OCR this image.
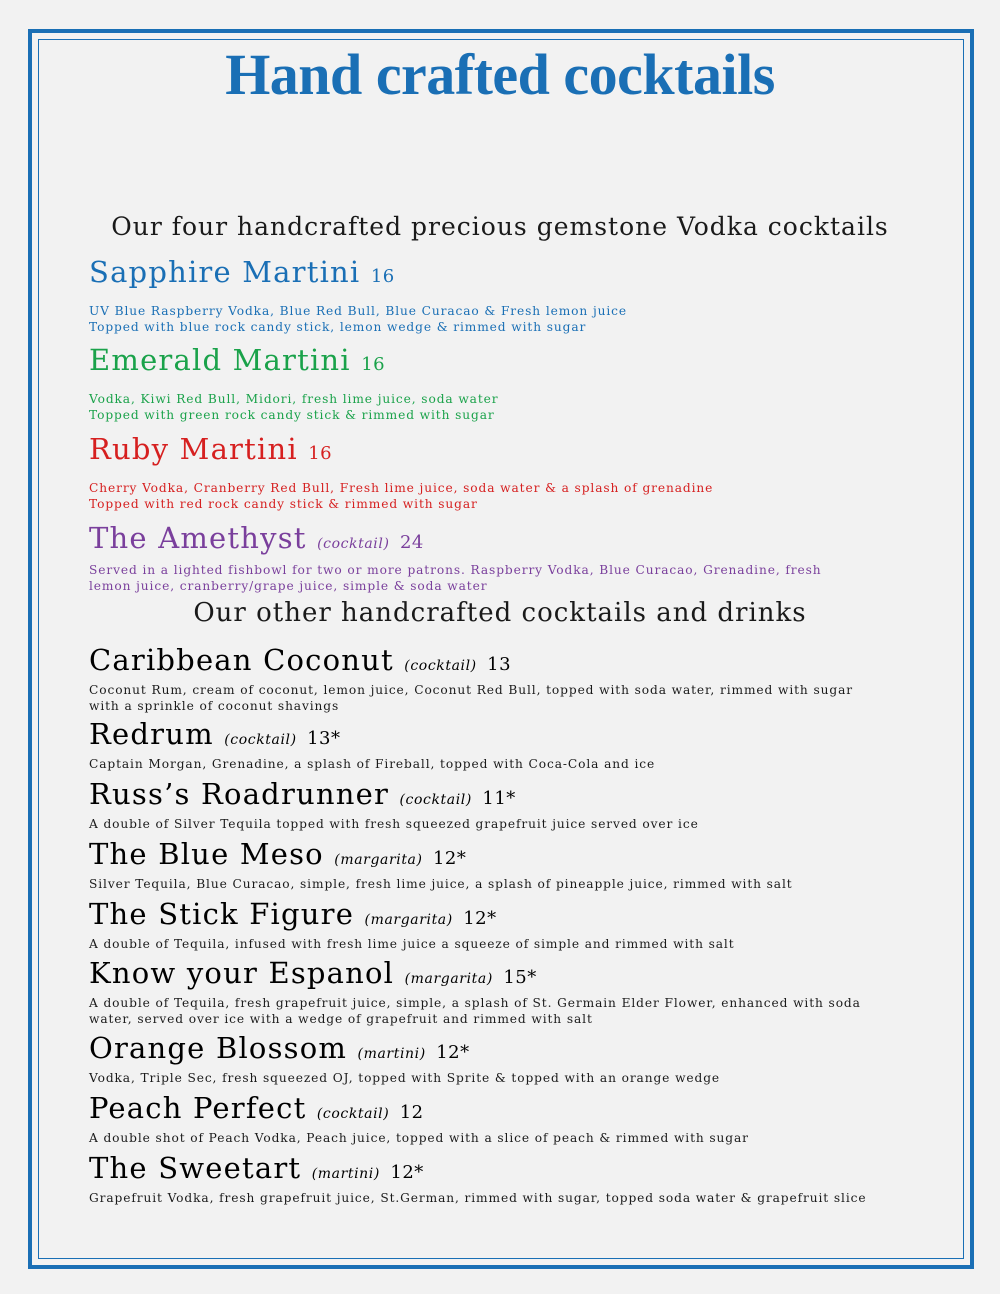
Hand crafted cocktails
Our four handcrafted precious gemstone Vodka cocktails
Sapphire Martini 16
UV Blue Raspberry Vodka, Blue Red Bull, Blue Curacao & Fresh lemon juice
Topped with blue rock candy stick, lemon wedge & rimmed with sugar
Emerald Martini 16
Vodka, Kiwi Red Bull, Midori, fresh lime juice, soda water
Topped with green rock candy stick & rimmed with sugar
Ruby Martini 16
Cherry Vodka, Cranberry Red Bull, Fresh lime juice, soda water & a splash of grenadine
Topped with red rock candy stick & rimmed with sugar
The Amethyst (cocktail) 24
Served in a lighted fishbowl for two or more patrons. Raspberry Vodka, Blue Curacao, Grenadine, fresh
lemon juice, cranberry/grape juice, simple & soda water
Our other handcrafted cocktails and drinks
Caribbean Coconut (cocktail) 13
Coconut Rum, cream of coconut, lemon juice, Coconut Red Bull, topped with soda water, rimmed with sugar
with a sprinkle of coconut shavings
Redrum (cocktail) 13*
Captain Morgan, Grenadine, a splash of Fireball, topped with Coca-Cola and ice
Russ’s Roadrunner (cocktail) 11*
A double of Silver Tequila topped with fresh squeezed grapefruit juice served over ice
The Blue Meso (margarita) 12*
Silver Tequila, Blue Curacao, simple, fresh lime juice, a splash of pineapple juice, rimmed with salt
The Stick Figure (margarita) 12*
A double of Tequila, infused with fresh lime juice a squeeze of simple and rimmed with salt
Know your Espanol (margarita) 15*
A double of Tequila, fresh grapefruit juice, simple, a splash of St. Germain Elder Flower, enhanced with soda
water, served over ice with a wedge of grapefruit and rimmed with salt
Orange Blossom (martini) 12*
Vodka, Triple Sec, fresh squeezed OJ, topped with Sprite & topped with an orange wedge
Peach Perfect (cocktail) 12
A double shot of Peach Vodka, Peach juice, topped with a slice of peach & rimmed with sugar
The Sweetart (martini) 12*
Grapefruit Vodka, fresh grapefruit juice, St.German, rimmed with sugar, topped soda water & grapefruit slice
